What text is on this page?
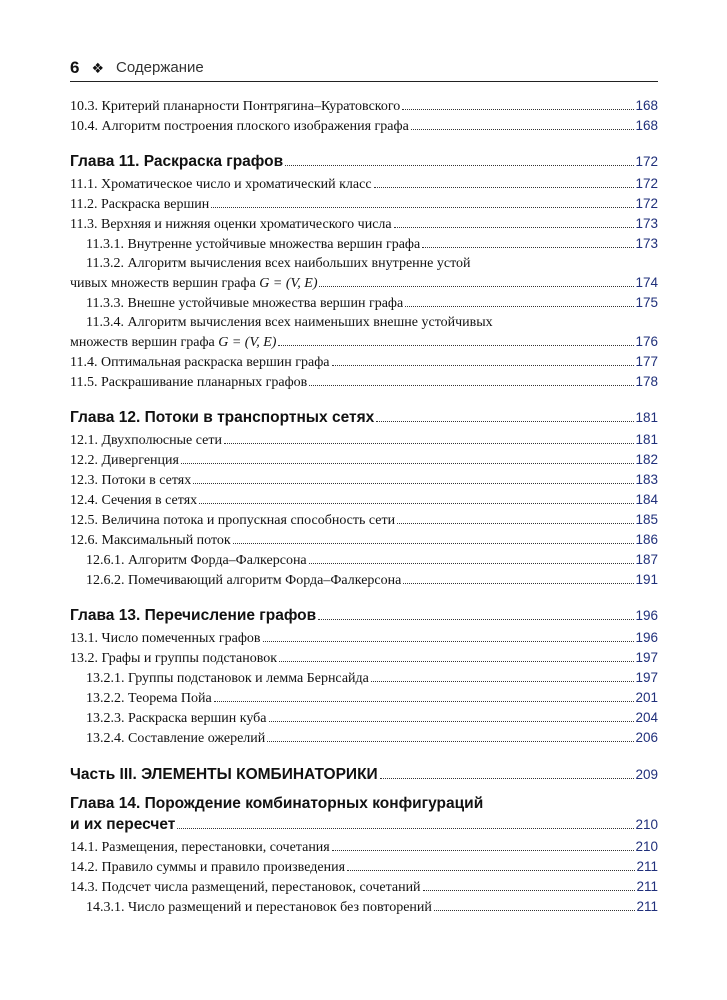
6 ❖ Содержание
10.3. Критерий планарности Понтрягина–Куратовского	168
10.4. Алгоритм построения плоского изображения графа	168
Глава 11. Раскраска графов	172
11.1. Хроматическое число и хроматический класс	172
11.2. Раскраска вершин	172
11.3. Верхняя и нижняя оценки хроматического числа	173
11.3.1. Внутренне устойчивые множества вершин графа	173
11.3.2. Алгоритм вычисления всех наибольших внутренне устой
чивых множеств вершин графа G = (V, E)	174
11.3.3. Внешне устойчивые множества вершин графа	175
11.3.4. Алгоритм вычисления всех наименьших внешне устойчивых
множеств вершин графа G = (V, E)	176
11.4. Оптимальная раскраска вершин графа	177
11.5. Раскрашивание планарных графов	178
Глава 12. Потоки в транспортных сетях	181
12.1. Двухполюсные сети	181
12.2. Дивергенция	182
12.3. Потоки в сетях	183
12.4. Сечения в сетях	184
12.5. Величина потока и пропускная способность сети	185
12.6. Максимальный поток	186
12.6.1. Алгоритм Форда–Фалкерсона	187
12.6.2. Помечивающий алгоритм Форда–Фалкерсона	191
Глава 13. Перечисление графов	196
13.1. Число помеченных графов	196
13.2. Графы и группы подстановок	197
13.2.1. Группы подстановок и лемма Бернсайда	197
13.2.2. Теорема Пойа	201
13.2.3. Раскраска вершин куба	204
13.2.4. Составление ожерелий	206
Часть III. ЭЛЕМЕНТЫ КОМБИНАТОРИКИ	209
Глава 14. Порождение комбинаторных конфигураций
и их пересчет	210
14.1. Размещения, перестановки, сочетания	210
14.2. Правило суммы и правило произведения	211
14.3. Подсчет числа размещений, перестановок, сочетаний	211
14.3.1. Число размещений и перестановок без повторений	211
